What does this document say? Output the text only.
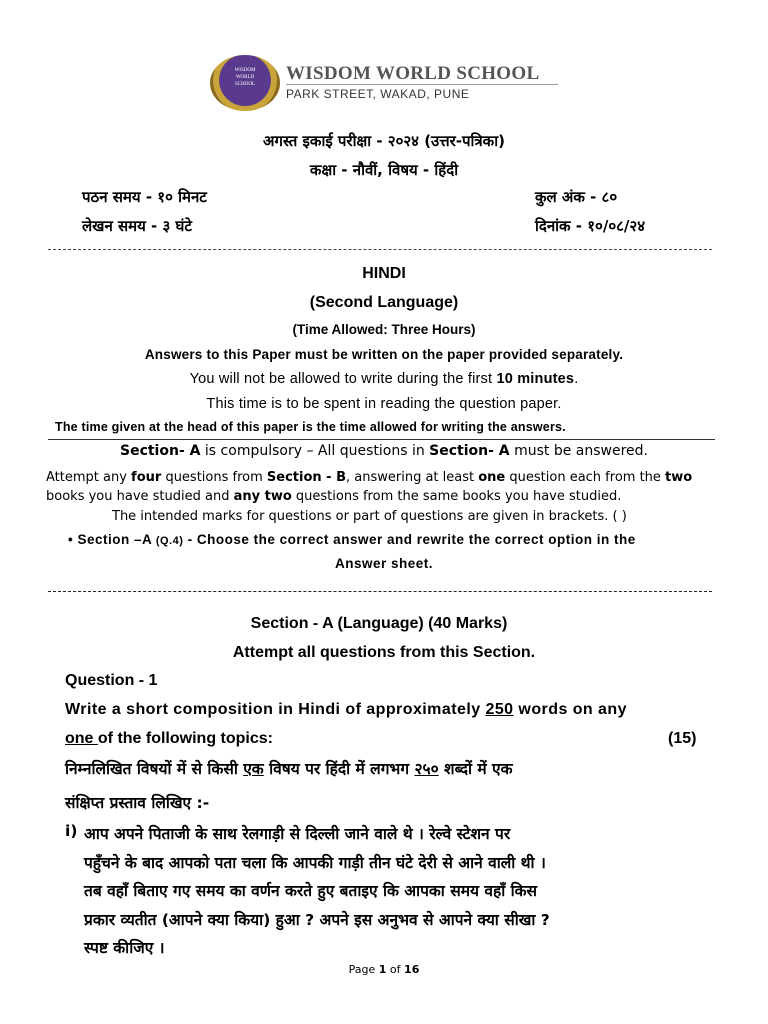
WISDOM
WORLD
SCHOOL
WISDOM WORLD SCHOOL
PARK STREET, WAKAD, PUNE
अगस्त इकाई परीक्षा - २०२४ (उत्तर-पत्रिका)
कक्षा - नौवीं, विषय - हिंदी
पठन समय - १० मिनट	कुल अंक - ८०
लेखन समय - ३ घंटे	दिनांक - १०/०८/२४
HINDI
(Second Language)
(Time Allowed: Three Hours)
Answers to this Paper must be written on the paper provided separately.
You will not be allowed to write during the first 10 minutes.
This time is to be spent in reading the question paper.
The time given at the head of this paper is the time allowed for writing the answers.
Section- A is compulsory – All questions in Section- A must be answered.
Attempt any four questions from Section - B, answering at least one question each from the two
books you have studied and any two questions from the same books you have studied.
The intended marks for questions or part of questions are given in brackets. ( )
• Section –A (Q.4) - Choose the correct answer and rewrite the correct option in the
Answer sheet.
Section - A (Language) (40 Marks)
Attempt all questions from this Section.
Question - 1
Write a short composition in Hindi of approximately 250 words on any
one of the following topics:	(15)
निम्नलिखित विषयों में से किसी एक विषय पर हिंदी में लगभग २५० शब्दों में एक
संक्षिप्त प्रस्ताव लिखिए :-
i) आप अपने पिताजी के साथ रेलगाड़ी से दिल्ली जाने वाले थे । रेल्वे स्टेशन पर
पहुँचने के बाद आपको पता चला कि आपकी गाड़ी तीन घंटे देरी से आने वाली थी ।
तब वहाँ बिताए गए समय का वर्णन करते हुए बताइए कि आपका समय वहाँ किस
प्रकार व्यतीत (आपने क्या किया) हुआ ? अपने इस अनुभव से आपने क्या सीखा ?
स्पष्ट कीजिए ।
Page 1 of 16
